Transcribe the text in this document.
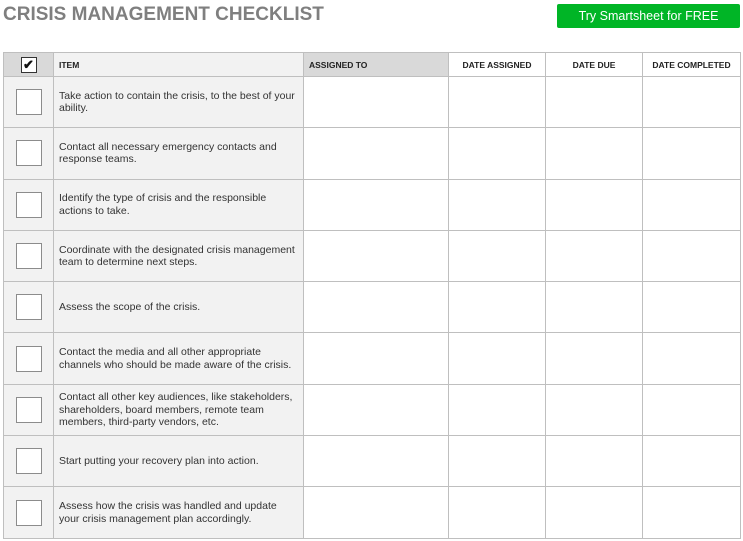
CRISIS MANAGEMENT CHECKLIST	Try Smartsheet for FREE
✔	ITEM	ASSIGNED TO	DATE ASSIGNED	DATE DUE	DATE COMPLETED
	Take action to contain the crisis, to the best of your ability.				
	Contact all necessary emergency contacts and response teams.				
	Identify the type of crisis and the responsible actions to take.				
	Coordinate with the designated crisis management team to determine next steps.				
	Assess the scope of the crisis.				
	Contact the media and all other appropriate channels who should be made aware of the crisis.				
	Contact all other key audiences, like stakeholders, shareholders, board members, remote team members, third-party vendors, etc.				
	Start putting your recovery plan into action.				
	Assess how the crisis was handled and update your crisis management plan accordingly.				
